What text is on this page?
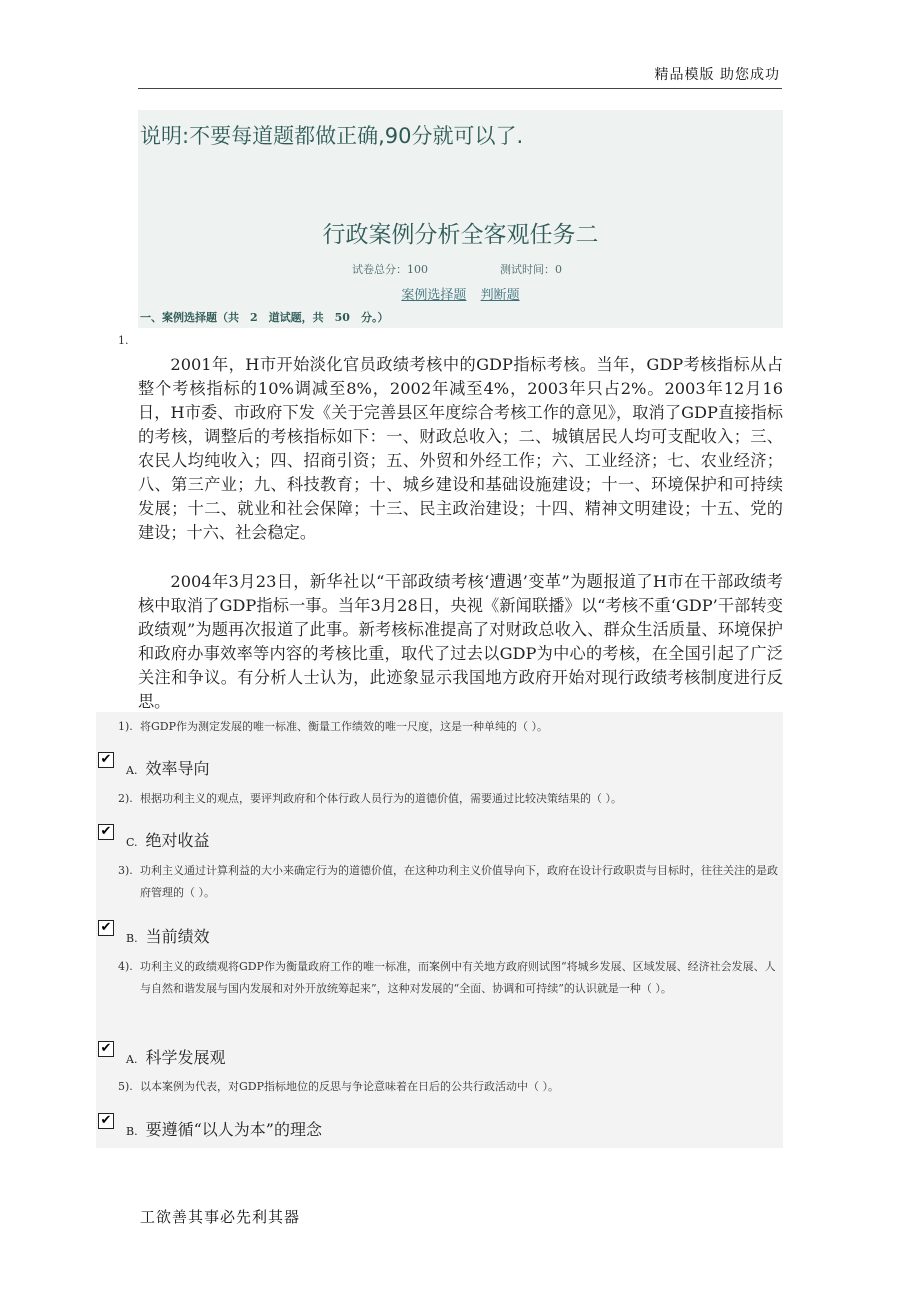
精品模版 助您成功
说明:不要每道题都做正确,90分就可以了.
行政案例分析全客观任务二
试卷总分：100	测试时间：0
案例选择题 判断题
一、案例选择题（共　2　道试题，共　50　分。）
1.

2001年，H市开始淡化官员政绩考核中的GDP指标考核。当年，GDP考核指标从占整个考核指标的10%调减至8%，2002年减至4%，2003年只占2%。2003年12月16日，H市委、市政府下发《关于完善县区年度综合考核工作的意见》，取消了GDP直接指标的考核，调整后的考核指标如下：一、财政总收入；二、城镇居民人均可支配收入；三、农民人均纯收入；四、招商引资；五、外贸和外经工作；六、工业经济；七、农业经济；八、第三产业；九、科技教育；十、城乡建设和基础设施建设；十一、环境保护和可持续发展；十二、就业和社会保障；十三、民主政治建设；十四、精神文明建设；十五、党的建设；十六、社会稳定。

2004年3月23日，新华社以“干部政绩考核‘遭遇’变革”为题报道了H市在干部政绩考核中取消了GDP指标一事。当年3月28日，央视《新闻联播》以“考核不重‘GDP’干部转变政绩观”为题再次报道了此事。新考核标准提高了对财政总收入、群众生活质量、环境保护和政府办事效率等内容的考核比重，取代了过去以GDP为中心的考核，在全国引起了广泛关注和争议。有分析人士认为，此迹象显示我国地方政府开始对现行政绩考核制度进行反思。

1). 将GDP作为测定发展的唯一标准、衡量工作绩效的唯一尺度，这是一种单纯的（ ）。
✔
A. 效率导向
2). 根据功利主义的观点，要评判政府和个体行政人员行为的道德价值，需要通过比较决策结果的（ ）。
✔
C. 绝对收益
3). 功利主义通过计算利益的大小来确定行为的道德价值，在这种功利主义价值导向下，政府在设计行政职责与目标时，往往关注的是政府管理的（ ）。
✔
B. 当前绩效
4). 功利主义的政绩观将GDP作为衡量政府工作的唯一标准，而案例中有关地方政府则试图“将城乡发展、区域发展、经济社会发展、人与自然和谐发展与国内发展和对外开放统筹起来”，这种对发展的“全面、协调和可持续”的认识就是一种（ ）。
✔
A. 科学发展观
5). 以本案例为代表，对GDP指标地位的反思与争论意味着在日后的公共行政活动中（ ）。
✔
B. 要遵循“以人为本”的理念
工欲善其事必先利其器
